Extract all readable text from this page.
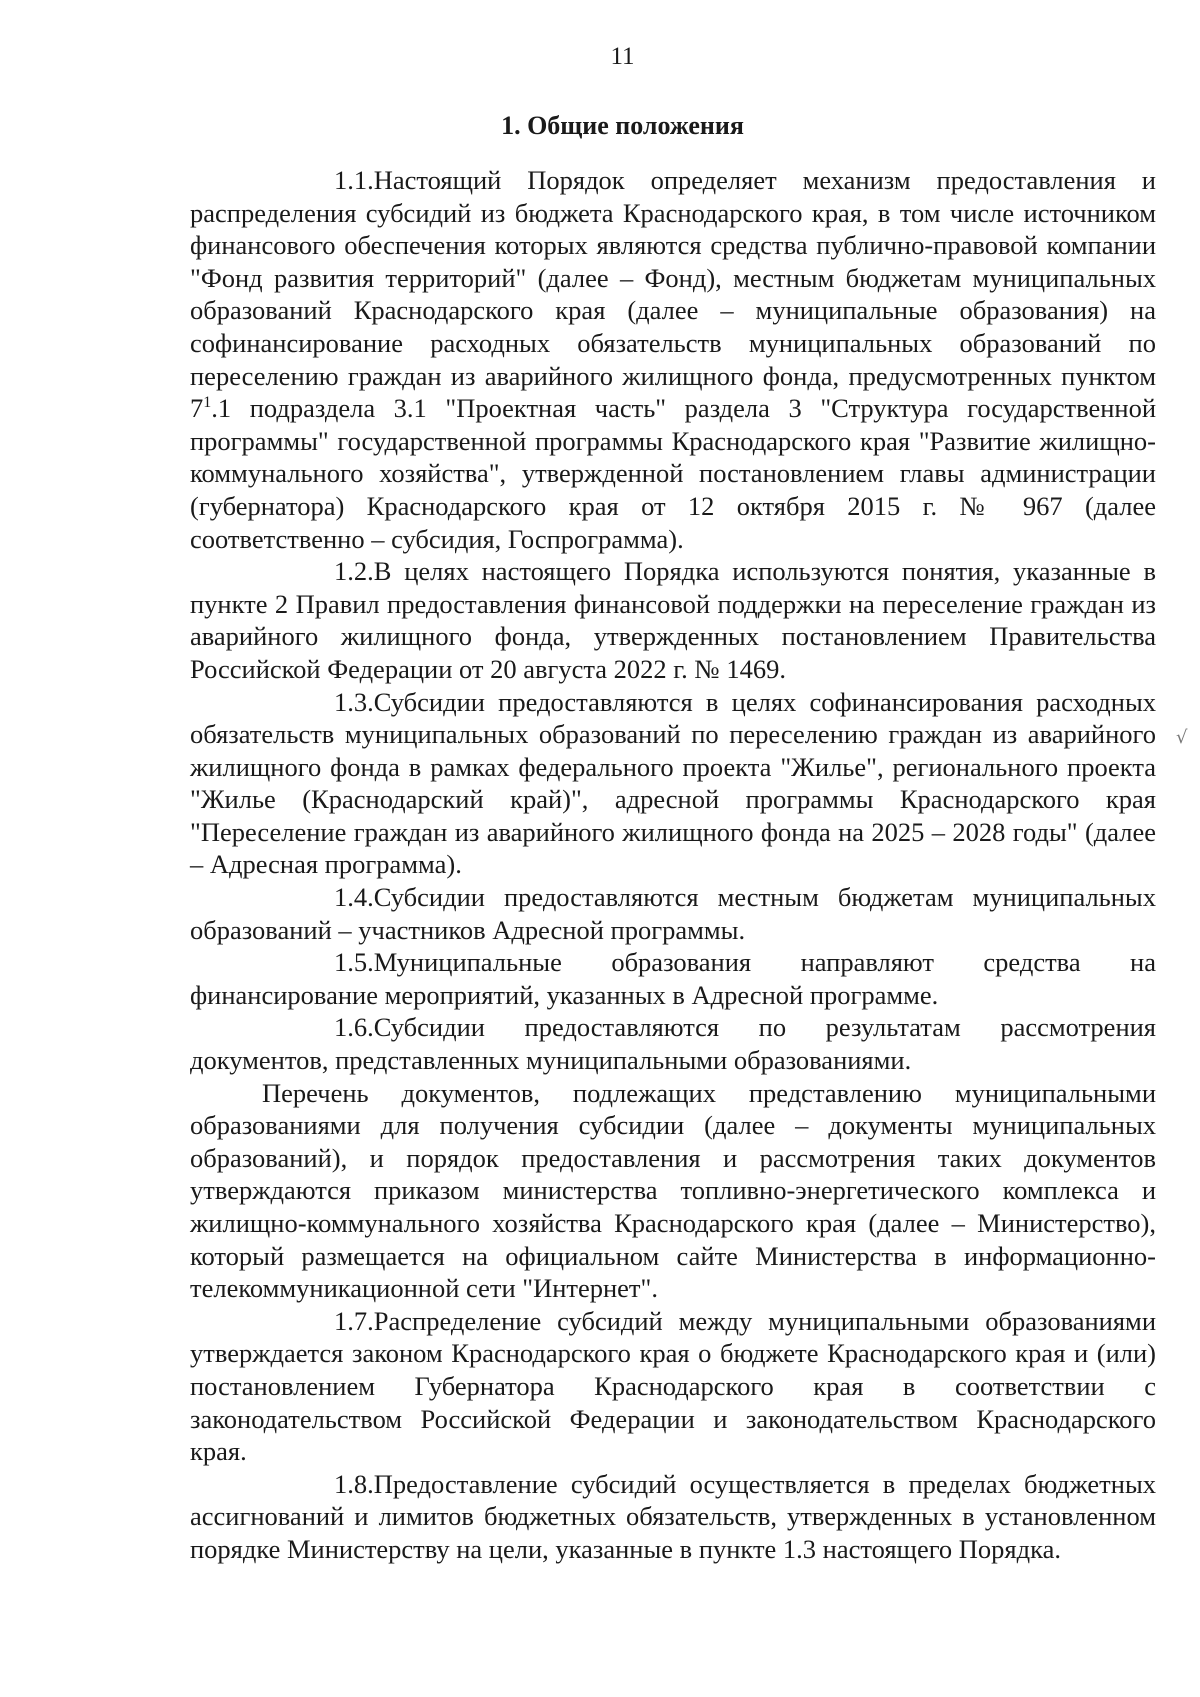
11
1. Общие положения

1.1.Настоящий Порядок определяет механизм предоставления и распределения субсидий из бюджета Краснодарского края, в том числе источником финансового обеспечения которых являются средства публично-правовой компании "Фонд развития территорий" (далее – Фонд), местным бюджетам муниципальных образований Краснодарского края (далее – муниципальные образования) на софинансирование расходных обязательств муниципальных образований по переселению граждан из аварийного жилищного фонда, предусмотренных пунктом $7^1.1$ подраздела 3.1 "Проектная часть" раздела 3 "Структура государственной программы" государственной программы Краснодарского края "Развитие жилищно-коммунального хозяйства", утвержденной постановлением главы администрации (губернатора) Краснодарского края от 12 октября 2015 г. № 967 (далее соответственно – субсидия, Госпрограмма).

1.2.В целях настоящего Порядка используются понятия, указанные в пункте 2 Правил предоставления финансовой поддержки на переселение граждан из аварийного жилищного фонда, утвержденных постановлением Правительства Российской Федерации от 20 августа 2022 г. № 1469.

1.3.Субсидии предоставляются в целях софинансирования расходных обязательств муниципальных образований по переселению граждан из аварийного жилищного фонда в рамках федерального проекта "Жилье", регионального проекта "Жилье (Краснодарский край)", адресной программы Краснодарского края "Переселение граждан из аварийного жилищного фонда на 2025 – 2028 годы" (далее – Адресная программа).

1.4.Субсидии предоставляются местным бюджетам муниципальных образований – участников Адресной программы.

1.5.Муниципальные образования направляют средства на финансирование мероприятий, указанных в Адресной программе.

1.6.Субсидии предоставляются по результатам рассмотрения документов, представленных муниципальными образованиями.

Перечень документов, подлежащих представлению муниципальными образованиями для получения субсидии (далее – документы муниципальных образований), и порядок предоставления и рассмотрения таких документов утверждаются приказом министерства топливно-энергетического комплекса и жилищно-коммунального хозяйства Краснодарского края (далее – Министерство), который размещается на официальном сайте Министерства в информационно-телекоммуникационной сети "Интернет".

1.7.Распределение субсидий между муниципальными образованиями утверждается законом Краснодарского края о бюджете Краснодарского края и (или) постановлением Губернатора Краснодарского края в соответствии с законодательством Российской Федерации и законодательством Краснодарского края.

1.8.Предоставление субсидий осуществляется в пределах бюджетных ассигнований и лимитов бюджетных обязательств, утвержденных в установленном порядке Министерству на цели, указанные в пункте 1.3 настоящего Порядка.

√
